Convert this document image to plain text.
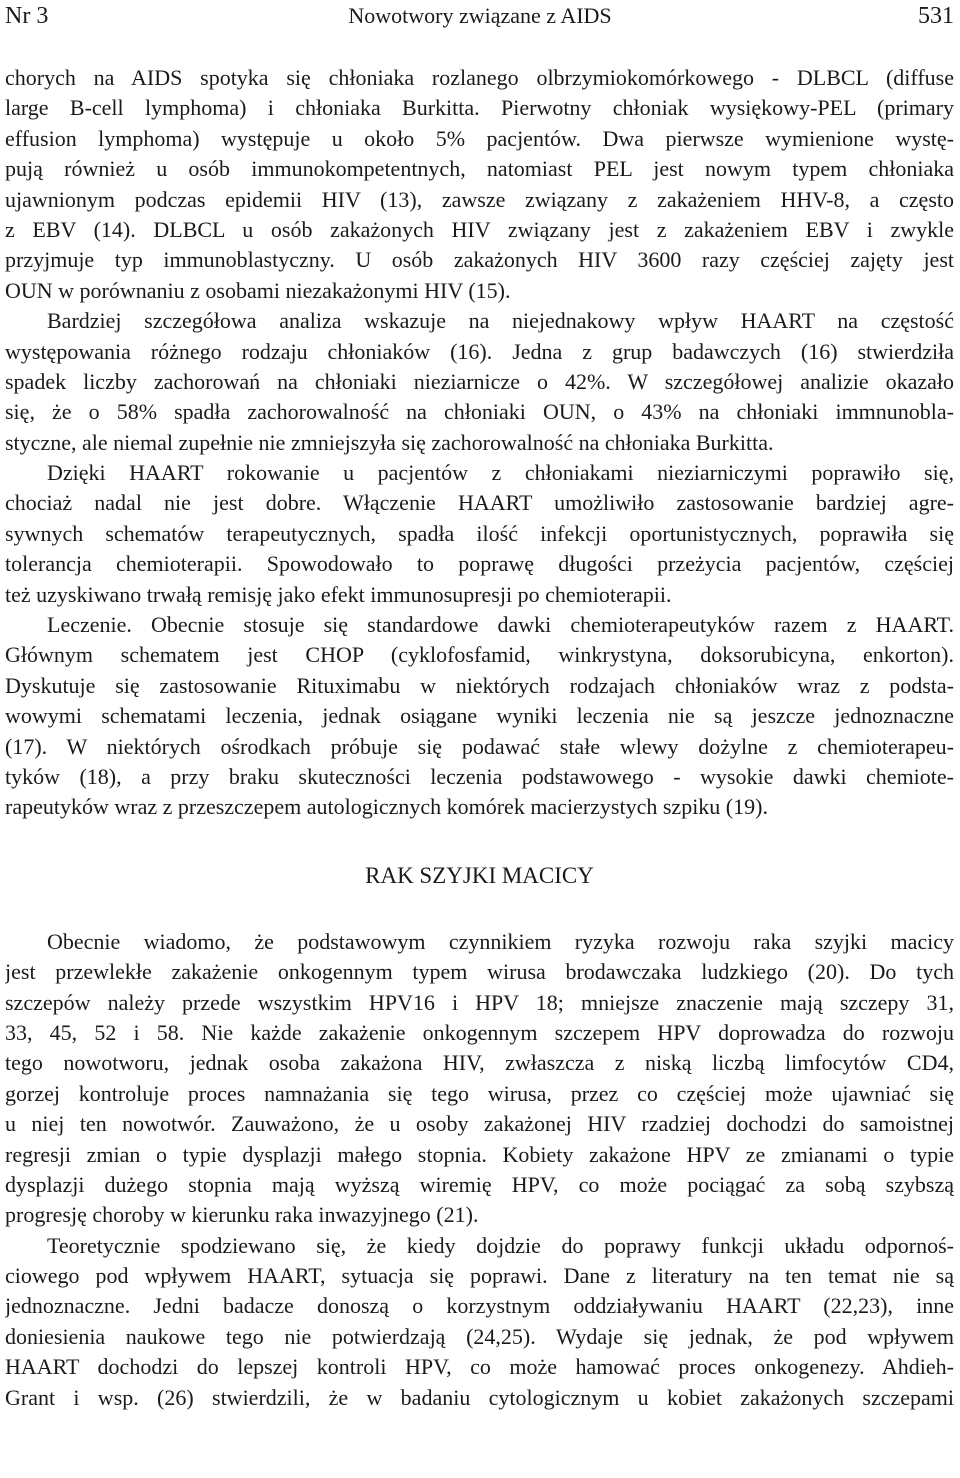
Nr 3	Nowotwory związane z AIDS	531
chorych na AIDS spotyka się chłoniaka rozlanego olbrzymiokomórkowego - DLBCL (diffuse
large B-cell lymphoma) i chłoniaka Burkitta. Pierwotny chłoniak wysiękowy-PEL (primary
effusion lymphoma) występuje u około 5% pacjentów. Dwa pierwsze wymienione wystę-
pują również u osób immunokompetentnych, natomiast PEL jest nowym typem chłoniaka
ujawnionym podczas epidemii HIV (13), zawsze związany z zakażeniem HHV-8, a często
z EBV (14). DLBCL u osób zakażonych HIV związany jest z zakażeniem EBV i zwykle
przyjmuje typ immunoblastyczny. U osób zakażonych HIV 3600 razy częściej zajęty jest
OUN w porównaniu z osobami niezakażonymi HIV (15).
Bardziej szczegółowa analiza wskazuje na niejednakowy wpływ HAART na częstość
występowania różnego rodzaju chłoniaków (16). Jedna z grup badawczych (16) stwierdziła
spadek liczby zachorowań na chłoniaki nieziarnicze o 42%. W szczegółowej analizie okazało
się, że o 58% spadła zachorowalność na chłoniaki OUN, o 43% na chłoniaki immnunobla-
styczne, ale niemal zupełnie nie zmniejszyła się zachorowalność na chłoniaka Burkitta.
Dzięki HAART rokowanie u pacjentów z chłoniakami nieziarniczymi poprawiło się,
chociaż nadal nie jest dobre. Włączenie HAART umożliwiło zastosowanie bardziej agre-
sywnych schematów terapeutycznych, spadła ilość infekcji oportunistycznych, poprawiła się
tolerancja chemioterapii. Spowodowało to poprawę długości przeżycia pacjentów, częściej
też uzyskiwano trwałą remisję jako efekt immunosupresji po chemioterapii.
Leczenie. Obecnie stosuje się standardowe dawki chemioterapeutyków razem z HAART.
Głównym schematem jest CHOP (cyklofosfamid, winkrystyna, doksorubicyna, enkorton).
Dyskutuje się zastosowanie Rituximabu w niektórych rodzajach chłoniaków wraz z podsta-
wowymi schematami leczenia, jednak osiągane wyniki leczenia nie są jeszcze jednoznaczne
(17). W niektórych ośrodkach próbuje się podawać stałe wlewy dożylne z chemioterapeu-
tyków (18), a przy braku skuteczności leczenia podstawowego - wysokie dawki chemiote-
rapeutyków wraz z przeszczepem autologicznych komórek macierzystych szpiku (19).
RAK SZYJKI MACICY
Obecnie wiadomo, że podstawowym czynnikiem ryzyka rozwoju raka szyjki macicy
jest przewlekłe zakażenie onkogennym typem wirusa brodawczaka ludzkiego (20). Do tych
szczepów należy przede wszystkim HPV16 i HPV 18; mniejsze znaczenie mają szczepy 31,
33, 45, 52 i 58. Nie każde zakażenie onkogennym szczepem HPV doprowadza do rozwoju
tego nowotworu, jednak osoba zakażona HIV, zwłaszcza z niską liczbą limfocytów CD4,
gorzej kontroluje proces namnażania się tego wirusa, przez co częściej może ujawniać się
u niej ten nowotwór. Zauważono, że u osoby zakażonej HIV rzadziej dochodzi do samoistnej
regresji zmian o typie dysplazji małego stopnia. Kobiety zakażone HPV ze zmianami o typie
dysplazji dużego stopnia mają wyższą wiremię HPV, co może pociągać za sobą szybszą
progresję choroby w kierunku raka inwazyjnego (21).
Teoretycznie spodziewano się, że kiedy dojdzie do poprawy funkcji układu odpornoś-
ciowego pod wpływem HAART, sytuacja się poprawi. Dane z literatury na ten temat nie są
jednoznaczne. Jedni badacze donoszą o korzystnym oddziaływaniu HAART (22,23), inne
doniesienia naukowe tego nie potwierdzają (24,25). Wydaje się jednak, że pod wpływem
HAART dochodzi do lepszej kontroli HPV, co może hamować proces onkogenezy. Ahdieh-
Grant i wsp. (26) stwierdzili, że w badaniu cytologicznym u kobiet zakażonych szczepami
